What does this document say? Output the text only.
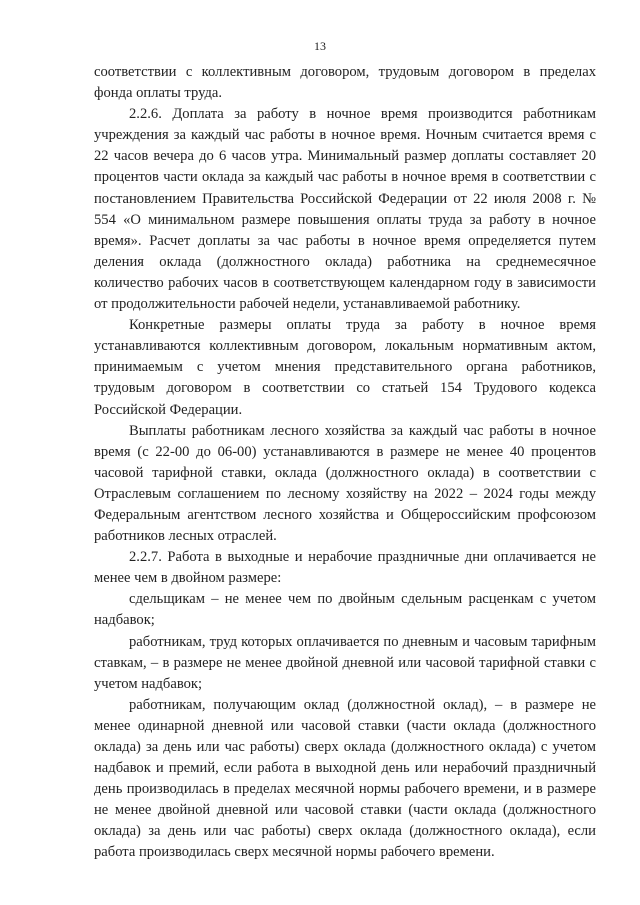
13

соответствии с коллективным договором, трудовым договором в пределах фонда оплаты труда.

2.2.6. Доплата за работу в ночное время производится работникам учреждения за каждый час работы в ночное время. Ночным считается время с 22 часов вечера до 6 часов утра. Минимальный размер доплаты составляет 20 процентов части оклада за каждый час работы в ночное время в соответствии с постановлением Правительства Российской Федерации от 22 июля 2008 г. № 554 «О минимальном размере повышения оплаты труда за работу в ночное время». Расчет доплаты за час работы в ночное время определяется путем деления оклада (должностного оклада) работника на среднемесячное количество рабочих часов в соответствующем календарном году в зависимости от продолжительности рабочей недели, устанавливаемой работнику.

Конкретные размеры оплаты труда за работу в ночное время устанавливаются коллективным договором, локальным нормативным актом, принимаемым с учетом мнения представительного органа работников, трудовым договором в соответствии со статьей 154 Трудового кодекса Российской Федерации.

Выплаты работникам лесного хозяйства за каждый час работы в ночное время (с 22-00 до 06-00) устанавливаются в размере не менее 40 процентов часовой тарифной ставки, оклада (должностного оклада) в соответствии с Отраслевым соглашением по лесному хозяйству на 2022 – 2024 годы между Федеральным агентством лесного хозяйства и Общероссийским профсоюзом работников лесных отраслей.

2.2.7. Работа в выходные и нерабочие праздничные дни оплачивается не менее чем в двойном размере:

сдельщикам – не менее чем по двойным сдельным расценкам с учетом надбавок;

работникам, труд которых оплачивается по дневным и часовым тарифным ставкам, – в размере не менее двойной дневной или часовой тарифной ставки с учетом надбавок;

работникам, получающим оклад (должностной оклад), – в размере не менее одинарной дневной или часовой ставки (части оклада (должностного оклада) за день или час работы) сверх оклада (должностного оклада) с учетом надбавок и премий, если работа в выходной день или нерабочий праздничный день производилась в пределах месячной нормы рабочего времени, и в размере не менее двойной дневной или часовой ставки (части оклада (должностного оклада) за день или час работы) сверх оклада (должностного оклада), если работа производилась сверх месячной нормы рабочего времени.
